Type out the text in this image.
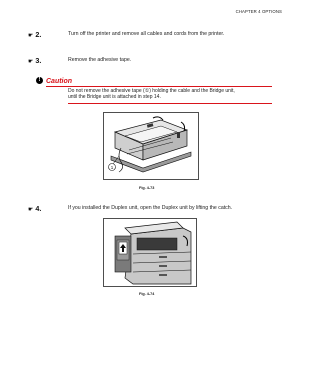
CHAPTER 4 OPTIONS
☛ 2.	Turn off the printer and remove all cables and cords from the printer.
☛ 3.	Remove the adhesive tape.
! Caution
Do not remove the adhesive tape (①) holding the cable and the Bridge unit,
until the Bridge unit is attached in step 14.
1
Fig. 4-73
☛ 4.	If you installed the Duplex unit, open the Duplex unit by lifting the catch.
Fig. 4-74
